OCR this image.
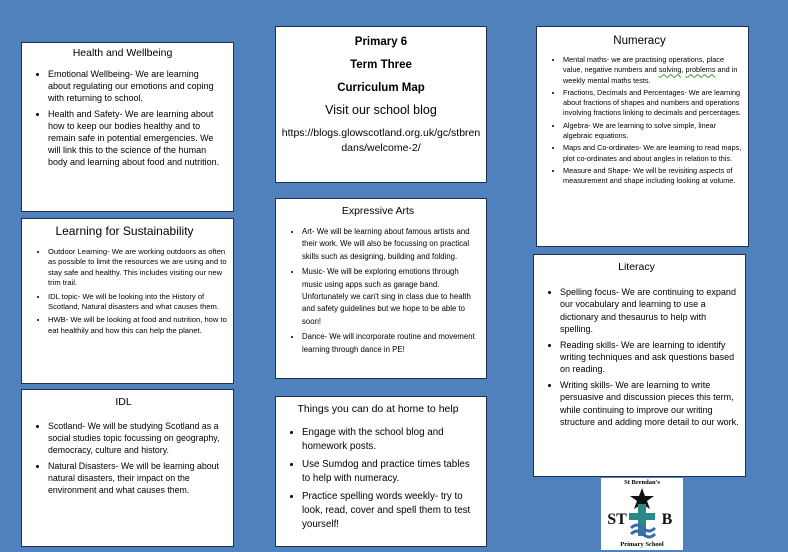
Health and Wellbeing
• Emotional Wellbeing- We are learning about regulating our emotions and coping with returning to school.
• Health and Safety- We are learning about how to keep our bodies healthy and to remain safe in potential emergencies. We will link this to the science of the human body and learning about food and nutrition.
Learning for Sustainability
• Outdoor Learning- We are working outdoors as often as possible to limit the resources we are using and to stay safe and healthy. This includes visiting our new trim trail.
• IDL topic- We will be looking into the History of Scotland, Natural disasters and what causes them.
• HWB- We will be looking at food and nutrition, how to eat healthily and how this can help the planet.
IDL
• Scotland- We will be studying Scotland as a social studies topic focussing on geography, democracy, culture and history.
• Natural Disasters- We will be learning about natural disasters, their impact on the environment and what causes them.
Primary 6
Term Three
Curriculum Map
Visit our school blog
https://blogs.glowscotland.org.uk/gc/stbrendans/welcome-2/
Expressive Arts
• Art- We will be learning about famous artists and their work. We will also be focussing on practical skills such as designing, building and folding.
• Music- We will be exploring emotions through music using apps such as garage band. Unfortunately we can't sing in class due to health and safety guidelines but we hope to be able to soon!
• Dance- We will incorporate routine and movement learning through dance in PE!
Things you can do at home to help
• Engage with the school blog and homework posts.
• Use Sumdog and practice times tables to help with numeracy.
• Practice spelling words weekly- try to look, read, cover and spell them to test yourself!
Numeracy
• Mental maths- we are practising operations, place value, negative numbers and solving, problems and in weekly mental maths tests.
• Fractions, Decimals and Percentages- We are learning about fractions of shapes and numbers and operations involving fractions linking to decimals and percentages.
• Algebra- We are learning to solve simple, linear algebraic equations.
• Maps and Co-ordinates- We are learning to read maps, plot co-ordinates and about angles in relation to this.
• Measure and Shape- We will be revisiting aspects of measurement and shape including looking at volume.
Literacy
• Spelling focus- We are continuing to expand our vocabulary and learning to use a dictionary and thesaurus to help with spelling.
• Reading skills- We are learning to identify writing techniques and ask questions based on reading.
• Writing skills- We are learning to write persuasive and discussion pieces this term, while continuing to improve our writing structure and adding more detail to our work.
St Brendan's
ST B
Primary School
